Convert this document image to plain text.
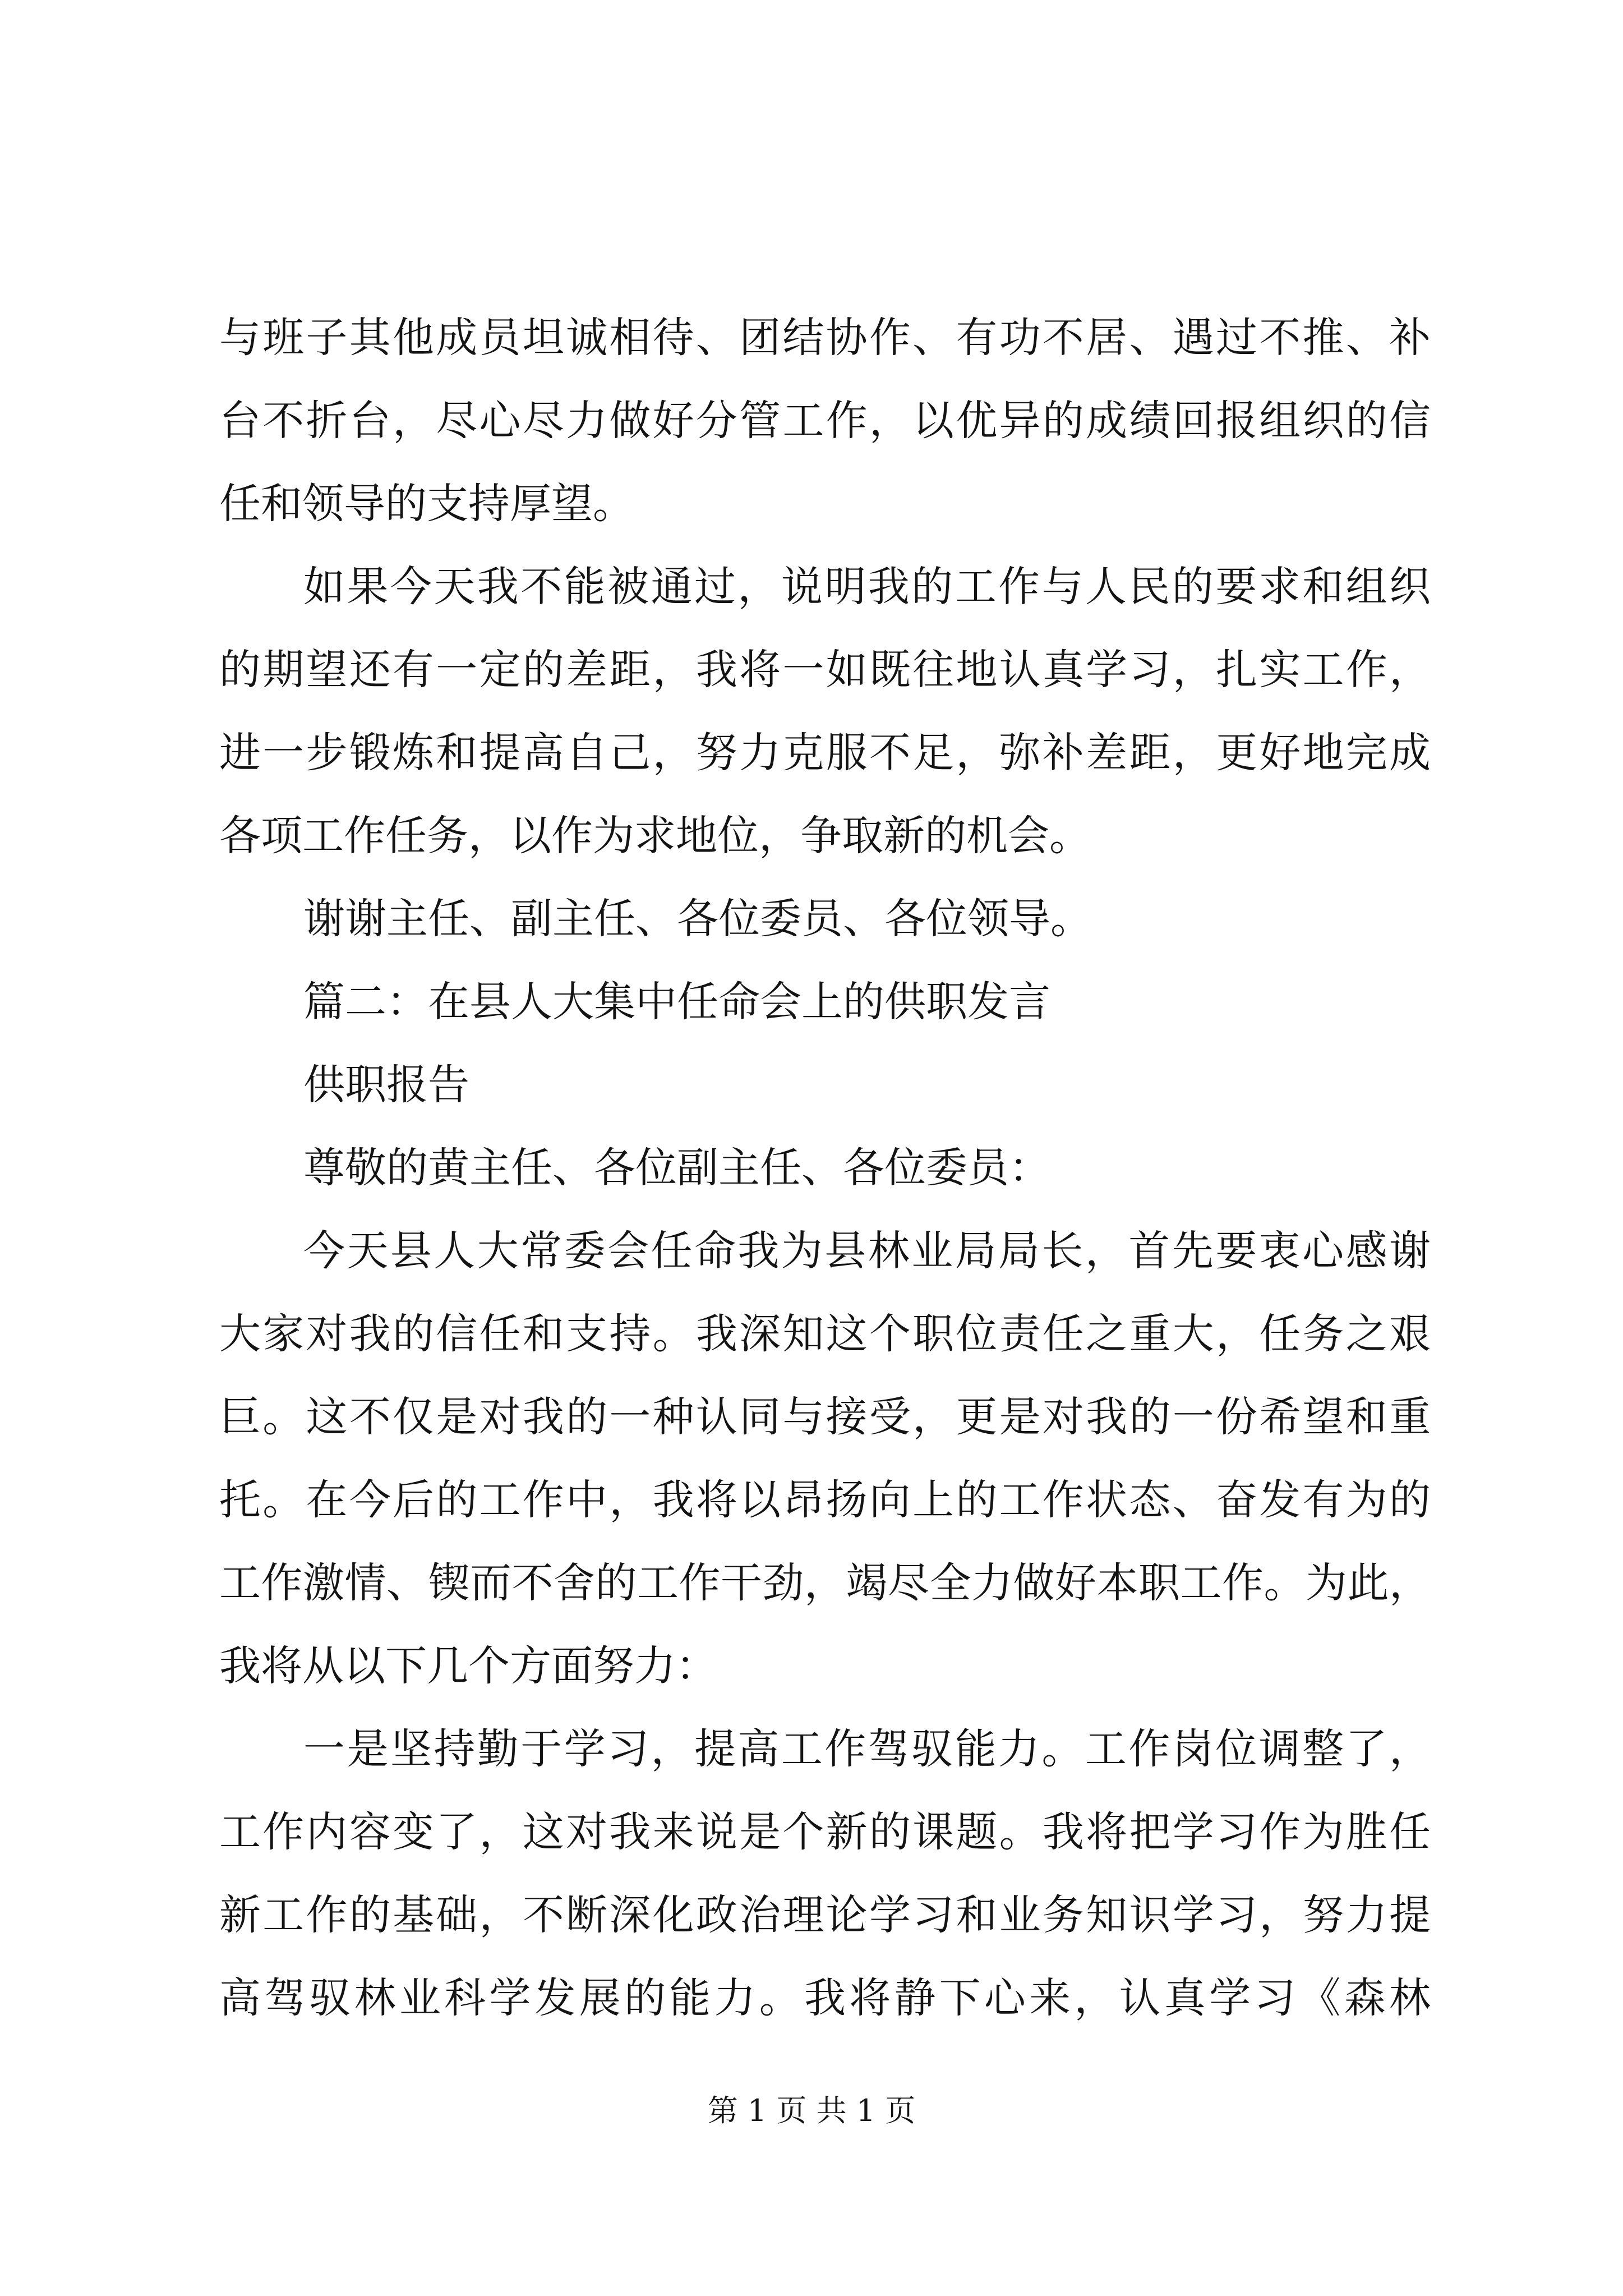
与班子其他成员坦诚相待、团结协作、有功不居、遇过不推、补
台不折台，尽心尽力做好分管工作，以优异的成绩回报组织的信
任和领导的支持厚望。
如果今天我不能被通过，说明我的工作与人民的要求和组织
的期望还有一定的差距，我将一如既往地认真学习，扎实工作，
进一步锻炼和提高自己，努力克服不足，弥补差距，更好地完成
各项工作任务，以作为求地位，争取新的机会。
谢谢主任、副主任、各位委员、各位领导。
篇二：在县人大集中任命会上的供职发言
供职报告
尊敬的黄主任、各位副主任、各位委员：
今天县人大常委会任命我为县林业局局长，首先要衷心感谢
大家对我的信任和支持。我深知这个职位责任之重大，任务之艰
巨。这不仅是对我的一种认同与接受，更是对我的一份希望和重
托。在今后的工作中，我将以昂扬向上的工作状态、奋发有为的
工作激情、锲而不舍的工作干劲，竭尽全力做好本职工作。为此，
我将从以下几个方面努力：
一是坚持勤于学习，提高工作驾驭能力。工作岗位调整了，
工作内容变了，这对我来说是个新的课题。我将把学习作为胜任
新工作的基础，不断深化政治理论学习和业务知识学习，努力提
高驾驭林业科学发展的能力。我将静下心来，认真学习《森林
第 1 页 共 1 页
